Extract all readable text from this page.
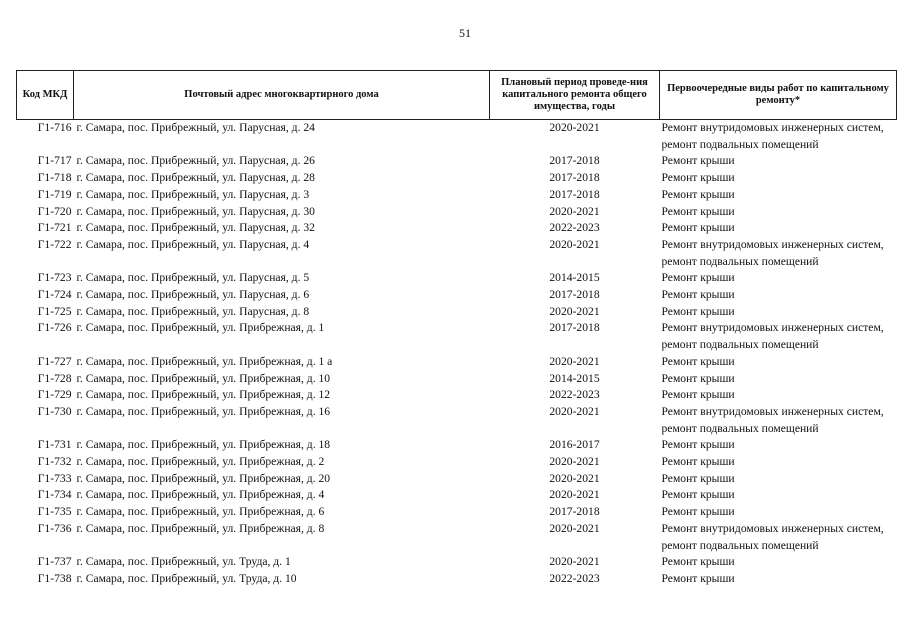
51
Код МКД	Почтовый адрес многоквартирного дома	Плановый период проведе-ния капитального ремонта общего имущества, годы	Первоочередные виды работ по капитальному ремонту*
Г1-716	г. Самара, пос. Прибрежный, ул. Парусная, д. 24	2020-2021	Ремонт внутридомовых инженерных систем, ремонт подвальных помещений
Г1-717	г. Самара, пос. Прибрежный, ул. Парусная, д. 26	2017-2018	Ремонт крыши
Г1-718	г. Самара, пос. Прибрежный, ул. Парусная, д. 28	2017-2018	Ремонт крыши
Г1-719	г. Самара, пос. Прибрежный, ул. Парусная, д. 3	2017-2018	Ремонт крыши
Г1-720	г. Самара, пос. Прибрежный, ул. Парусная, д. 30	2020-2021	Ремонт крыши
Г1-721	г. Самара, пос. Прибрежный, ул. Парусная, д. 32	2022-2023	Ремонт крыши
Г1-722	г. Самара, пос. Прибрежный, ул. Парусная, д. 4	2020-2021	Ремонт внутридомовых инженерных систем, ремонт подвальных помещений
Г1-723	г. Самара, пос. Прибрежный, ул. Парусная, д. 5	2014-2015	Ремонт крыши
Г1-724	г. Самара, пос. Прибрежный, ул. Парусная, д. 6	2017-2018	Ремонт крыши
Г1-725	г. Самара, пос. Прибрежный, ул. Парусная, д. 8	2020-2021	Ремонт крыши
Г1-726	г. Самара, пос. Прибрежный, ул. Прибрежная, д. 1	2017-2018	Ремонт внутридомовых инженерных систем, ремонт подвальных помещений
Г1-727	г. Самара, пос. Прибрежный, ул. Прибрежная, д. 1 а	2020-2021	Ремонт крыши
Г1-728	г. Самара, пос. Прибрежный, ул. Прибрежная, д. 10	2014-2015	Ремонт крыши
Г1-729	г. Самара, пос. Прибрежный, ул. Прибрежная, д. 12	2022-2023	Ремонт крыши
Г1-730	г. Самара, пос. Прибрежный, ул. Прибрежная, д. 16	2020-2021	Ремонт внутридомовых инженерных систем, ремонт подвальных помещений
Г1-731	г. Самара, пос. Прибрежный, ул. Прибрежная, д. 18	2016-2017	Ремонт крыши
Г1-732	г. Самара, пос. Прибрежный, ул. Прибрежная, д. 2	2020-2021	Ремонт крыши
Г1-733	г. Самара, пос. Прибрежный, ул. Прибрежная, д. 20	2020-2021	Ремонт крыши
Г1-734	г. Самара, пос. Прибрежный, ул. Прибрежная, д. 4	2020-2021	Ремонт крыши
Г1-735	г. Самара, пос. Прибрежный, ул. Прибрежная, д. 6	2017-2018	Ремонт крыши
Г1-736	г. Самара, пос. Прибрежный, ул. Прибрежная, д. 8	2020-2021	Ремонт внутридомовых инженерных систем, ремонт подвальных помещений
Г1-737	г. Самара, пос. Прибрежный, ул. Труда, д. 1	2020-2021	Ремонт крыши
Г1-738	г. Самара, пос. Прибрежный, ул. Труда, д. 10	2022-2023	Ремонт крыши
